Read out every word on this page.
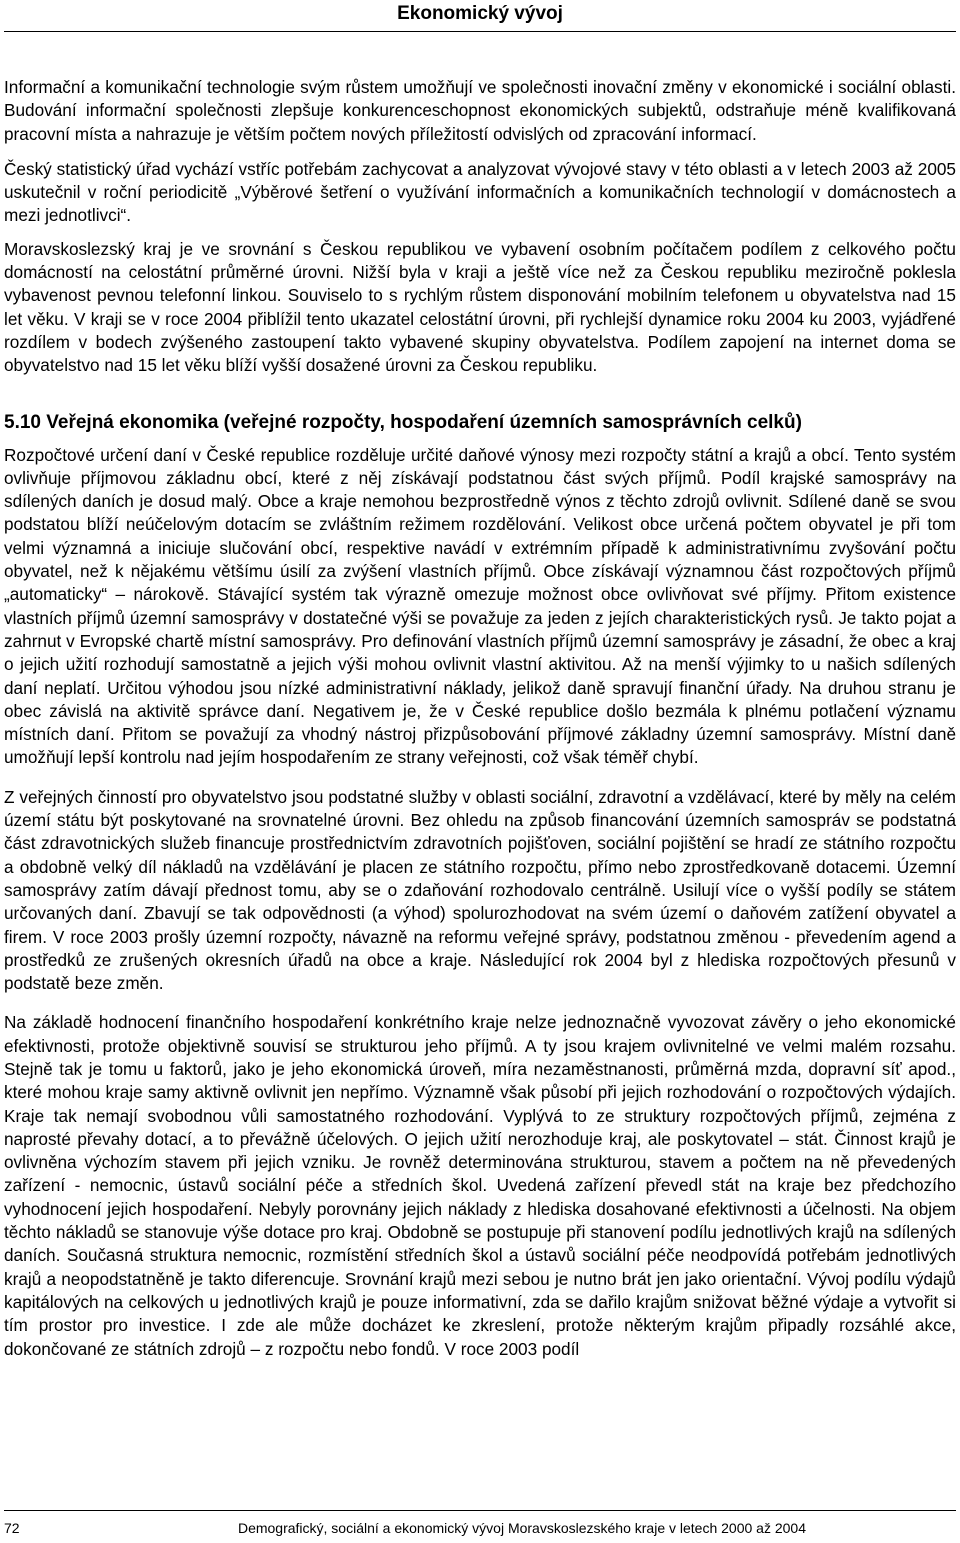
Ekonomický vývoj

Informační a komunikační technologie svým růstem umožňují ve společnosti inovační změny v ekonomické i sociální oblasti. Budování informační společnosti zlepšuje konkurenceschopnost ekonomických subjektů, odstraňuje méně kvalifikovaná pracovní místa a nahrazuje je větším počtem nových příležitostí odvislých od zpracování informací.

Český statistický úřad vychází vstříc potřebám zachycovat a analyzovat vývojové stavy v této oblasti a v letech 2003 až 2005 uskutečnil v roční periodicitě „Výběrové šetření o využívání informačních a komunikačních technologií v domácnostech a mezi jednotlivci“.

Moravskoslezský kraj je ve srovnání s Českou republikou ve vybavení osobním počítačem podílem z celkového počtu domácností na celostátní průměrné úrovni. Nižší byla v kraji a ještě více než za Českou republiku meziročně poklesla vybavenost pevnou telefonní linkou. Souviselo to s rychlým růstem disponování mobilním telefonem u obyvatelstva nad 15 let věku. V kraji se v roce 2004 přiblížil tento ukazatel celostátní úrovni, při rychlejší dynamice roku 2004 ku 2003, vyjádřené rozdílem v bodech zvýšeného zastoupení takto vybavené skupiny obyvatelstva. Podílem zapojení na internet doma se obyvatelstvo nad 15 let věku blíží vyšší dosažené úrovni za Českou republiku.

5.10 Veřejná ekonomika (veřejné rozpočty, hospodaření územních samosprávních celků)

Rozpočtové určení daní v České republice rozděluje určité daňové výnosy mezi rozpočty státní a krajů a obcí. Tento systém ovlivňuje příjmovou základnu obcí, které z něj získávají podstatnou část svých příjmů. Podíl krajské samosprávy na sdílených daních je dosud malý. Obce a kraje nemohou bezprostředně výnos z těchto zdrojů ovlivnit. Sdílené daně se svou podstatou blíží neúčelovým dotacím se zvláštním režimem rozdělování. Velikost obce určená počtem obyvatel je při tom velmi významná a iniciuje slučování obcí, respektive navádí v extrémním případě k administrativnímu zvyšování počtu obyvatel, než k nějakému většímu úsilí za zvýšení vlastních příjmů. Obce získávají významnou část rozpočtových příjmů „automaticky“ – nárokově. Stávající systém tak výrazně omezuje možnost obce ovlivňovat své příjmy. Přitom existence vlastních příjmů územní samosprávy v dostatečné výši se považuje za jeden z jejích charakteristických rysů. Je takto pojat a zahrnut v Evropské chartě místní samosprávy. Pro definování vlastních příjmů územní samosprávy je zásadní, že obec a kraj o jejich užití rozhodují samostatně a jejich výši mohou ovlivnit vlastní aktivitou. Až na menší výjimky to u našich sdílených daní neplatí. Určitou výhodou jsou nízké administrativní náklady, jelikož daně spravují finanční úřady. Na druhou stranu je obec závislá na aktivitě správce daní. Negativem je, že v České republice došlo bezmála k plnému potlačení významu místních daní. Přitom se považují za vhodný nástroj přizpůsobování příjmové základny územní samosprávy. Místní daně umožňují lepší kontrolu nad jejím hospodařením ze strany veřejnosti, což však téměř chybí.

Z veřejných činností pro obyvatelstvo jsou podstatné služby v oblasti sociální, zdravotní a vzdělávací, které by měly na celém území státu být poskytované na srovnatelné úrovni. Bez ohledu na způsob financování územních samospráv se podstatná část zdravotnických služeb financuje prostřednictvím zdravotních pojišťoven, sociální pojištění se hradí ze státního rozpočtu a obdobně velký díl nákladů na vzdělávání je placen ze státního rozpočtu, přímo nebo zprostředkovaně dotacemi. Územní samosprávy zatím dávají přednost tomu, aby se o zdaňování rozhodovalo centrálně. Usilují více o vyšší podíly se státem určovaných daní. Zbavují se tak odpovědnosti (a výhod) spolurozhodovat na svém území o daňovém zatížení obyvatel a firem. V roce 2003 prošly územní rozpočty, návazně na reformu veřejné správy, podstatnou změnou - převedením agend a prostředků ze zrušených okresních úřadů na obce a kraje. Následující rok 2004 byl z hlediska rozpočtových přesunů v podstatě beze změn.

Na základě hodnocení finančního hospodaření konkrétního kraje nelze jednoznačně vyvozovat závěry o jeho ekonomické efektivnosti, protože objektivně souvisí se strukturou jeho příjmů. A ty jsou krajem ovlivnitelné ve velmi malém rozsahu. Stejně tak je tomu u faktorů, jako je jeho ekonomická úroveň, míra nezaměstnanosti, průměrná mzda, dopravní síť apod., které mohou kraje samy aktivně ovlivnit jen nepřímo. Významně však působí při jejich rozhodování o rozpočtových výdajích. Kraje tak nemají svobodnou vůli samostatného rozhodování. Vyplývá to ze struktury rozpočtových příjmů, zejména z naprosté převahy dotací, a to převážně účelových. O jejich užití nerozhoduje kraj, ale poskytovatel – stát. Činnost krajů je ovlivněna výchozím stavem při jejich vzniku. Je rovněž determinována strukturou, stavem a počtem na ně převedených zařízení - nemocnic, ústavů sociální péče a středních škol. Uvedená zařízení převedl stát na kraje bez předchozího vyhodnocení jejich hospodaření. Nebyly porovnány jejich náklady z hlediska dosahované efektivnosti a účelnosti. Na objem těchto nákladů se stanovuje výše dotace pro kraj. Obdobně se postupuje při stanovení podílu jednotlivých krajů na sdílených daních. Současná struktura nemocnic, rozmístění středních škol a ústavů sociální péče neodpovídá potřebám jednotlivých krajů a neopodstatněně je takto diferencuje. Srovnání krajů mezi sebou je nutno brát jen jako orientační. Vývoj podílu výdajů kapitálových na celkových u jednotlivých krajů je pouze informativní, zda se dařilo krajům snižovat běžné výdaje a vytvořit si tím prostor pro investice. I zde ale může docházet ke zkreslení, protože některým krajům připadly rozsáhlé akce, dokončované ze státních zdrojů – z rozpočtu nebo fondů. V roce 2003 podíl

72	Demografický, sociální a ekonomický vývoj Moravskoslezského kraje v letech 2000 až 2004
